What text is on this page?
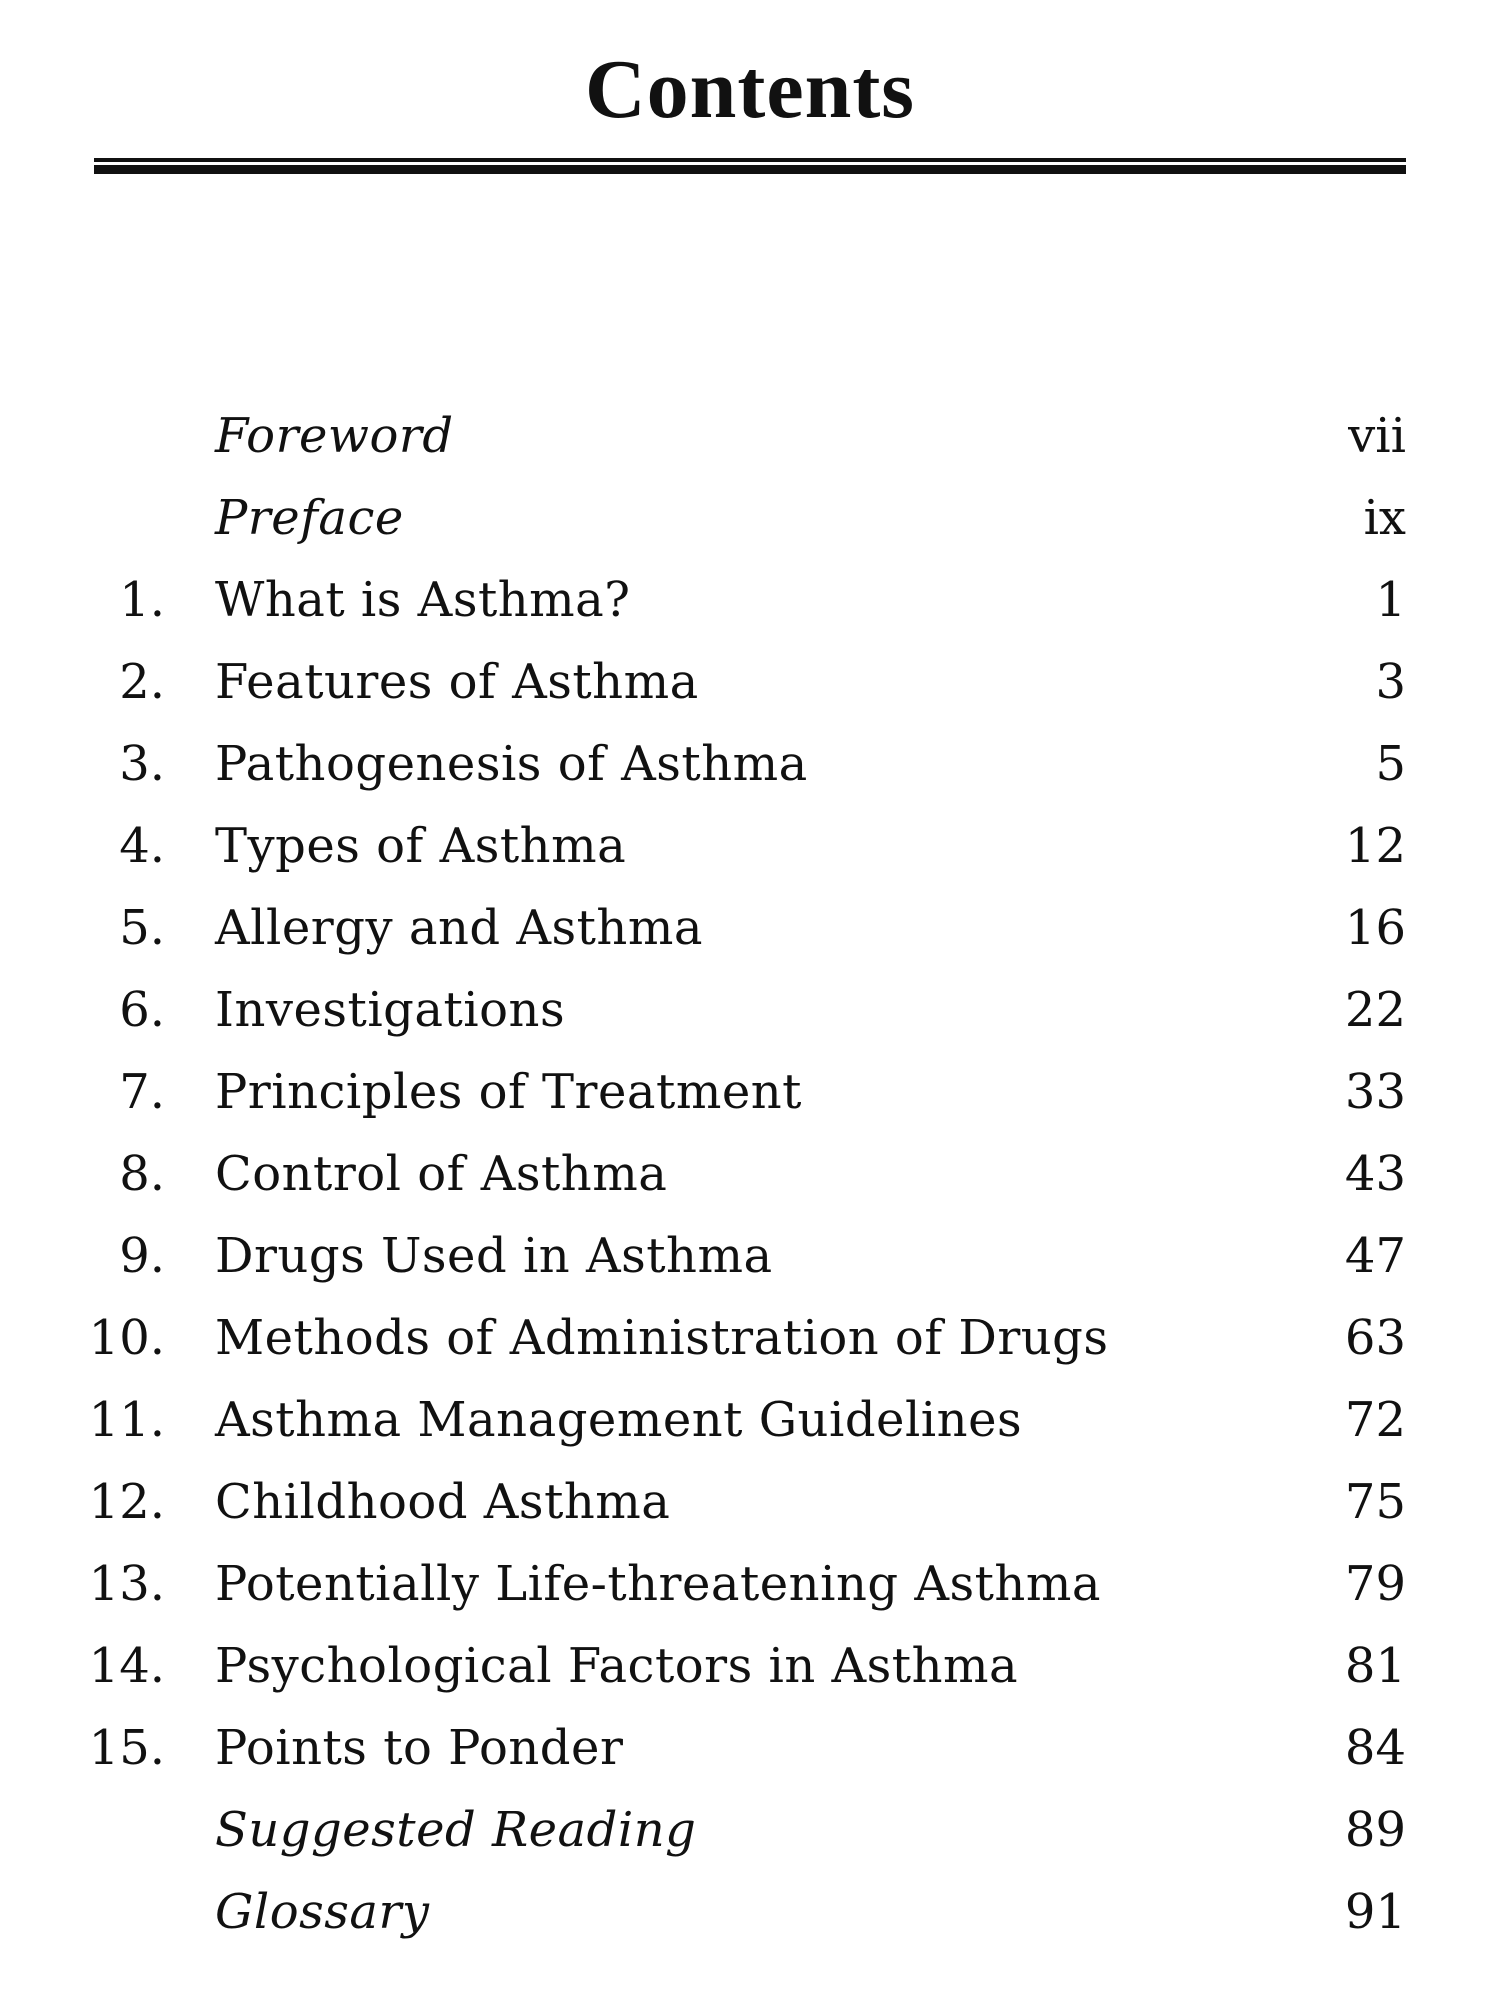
Contents
Foreword	vii
Preface	ix
1. What is Asthma?	1
2. Features of Asthma	3
3. Pathogenesis of Asthma	5
4. Types of Asthma	12
5. Allergy and Asthma	16
6. Investigations	22
7. Principles of Treatment	33
8. Control of Asthma	43
9. Drugs Used in Asthma	47
10. Methods of Administration of Drugs	63
11. Asthma Management Guidelines	72
12. Childhood Asthma	75
13. Potentially Life-threatening Asthma	79
14. Psychological Factors in Asthma	81
15. Points to Ponder	84
Suggested Reading	89
Glossary	91
